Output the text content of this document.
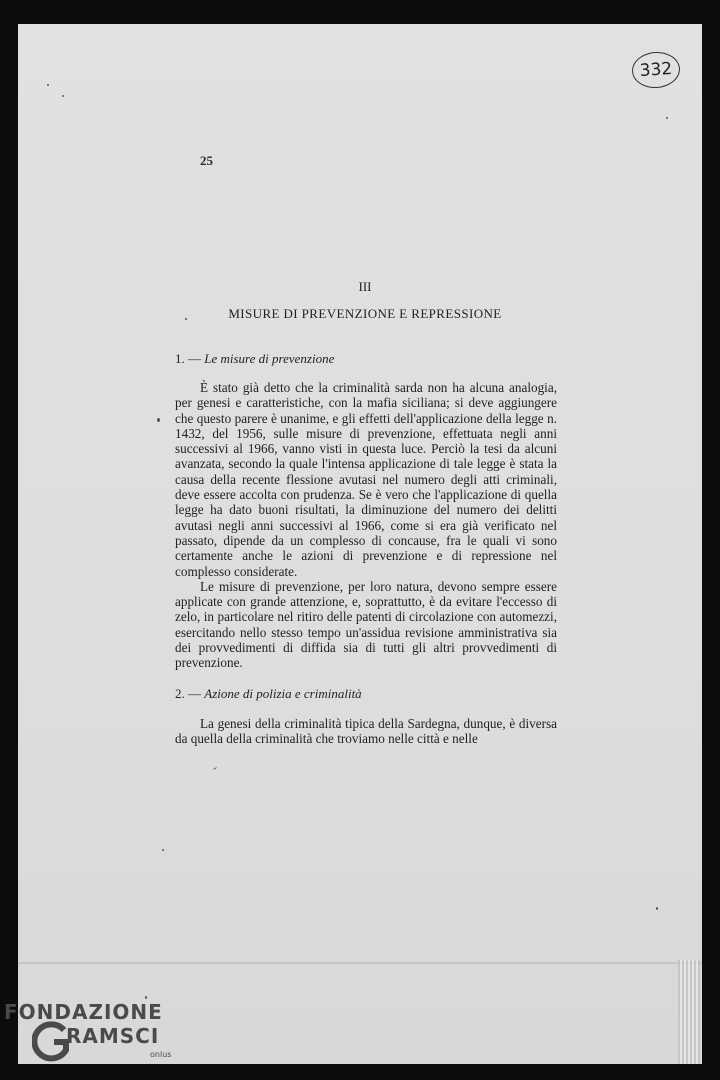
332
25
III
MISURE DI PREVENZIONE E REPRESSIONE
1. — Le misure di prevenzione

È stato già detto che la criminalità sarda non ha alcuna analogia, per genesi e caratteristiche, con la mafia siciliana; si deve aggiungere che questo parere è unanime, e gli effetti dell'applicazione della legge n. 1432, del 1956, sulle misure di prevenzione, effettuata negli anni successivi al 1966, vanno visti in questa luce. Perciò la tesi da alcuni avanzata, secondo la quale l'intensa applicazione di tale legge è stata la causa della recente flessione avutasi nel numero degli atti criminali, deve essere accolta con prudenza. Se è vero che l'applicazione di quella legge ha dato buoni risultati, la diminuzione del numero dei delitti avutasi negli anni successivi al 1966, come si era già verificato nel passato, dipende da un complesso di concause, fra le quali vi sono certamente anche le azioni di prevenzione e di repressione nel complesso considerate.

Le misure di prevenzione, per loro natura, devono sempre essere applicate con grande attenzione, e, soprattutto, è da evitare l'eccesso di zelo, in particolare nel ritiro delle patenti di circolazione con automezzi, esercitando nello stesso tempo un'assidua revisione amministrativa sia dei provvedimenti di diffida sia di tutti gli altri provvedimenti di prevenzione.

2. — Azione di polizia e criminalità

La genesi della criminalità tipica della Sardegna, dunque, è diversa da quella della criminalità che troviamo nelle città e nelle

FONDAZIONE
RAMSCI
onlus
